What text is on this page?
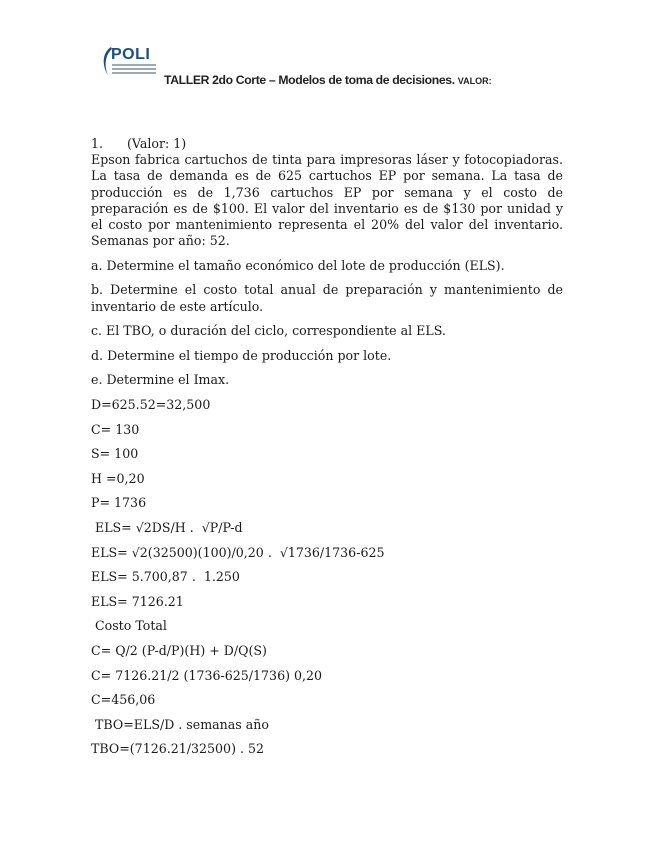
POLI
TALLER 2do Corte – Modelos de toma de decisiones. VALOR:
1. (Valor: 1)

Epson fabrica cartuchos de tinta para impresoras láser y fotocopiadoras. La tasa de demanda es de 625 cartuchos EP por semana. La tasa de producción es de 1,736 cartuchos EP por semana y el costo de preparación es de $100. El valor del inventario es de $130 por unidad y el costo por mantenimiento representa el 20% del valor del inventario. Semanas por año: 52.

a. Determine el tamaño económico del lote de producción (ELS).

b. Determine el costo total anual de preparación y mantenimiento de inventario de este artículo.

c. El TBO, o duración del ciclo, correspondiente al ELS.

d. Determine el tiempo de producción por lote.

e. Determine el Imax.

D=625.52=32,500
C= 130
S= 100
H =0,20
P= 1736
ELS= √2DS/H .  √P/P-d
ELS= √2(32500)(100)/0,20 .  √1736/1736-625
ELS= 5.700,87 .  1.250
ELS= 7126.21
Costo Total
C= Q/2 (P-d/P)(H) + D/Q(S)
C= 7126.21/2 (1736-625/1736) 0,20
C=456,06
TBO=ELS/D . semanas año
TBO=(7126.21/32500) . 52
